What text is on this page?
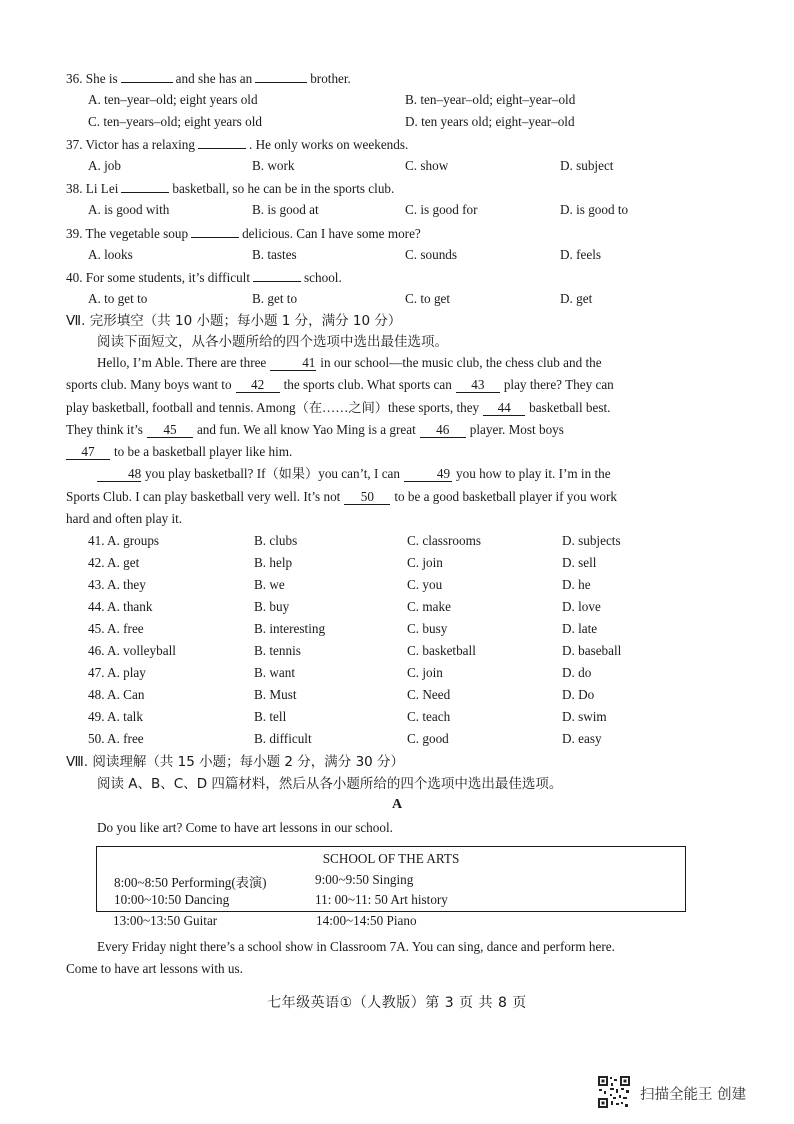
36. She is	and she has an	brother.
A. ten–year–old; eight years old	B. ten–year–old; eight–year–old
C. ten–years–old; eight years old	D. ten years old; eight–year–old
37. Victor has a relaxing	. He only works on weekends.
A. job	B. work	C. show	D. subject
38. Li Lei	basketball, so he can be in the sports club.
A. is good with	B. is good at	C. is good for	D. is good to
39. The vegetable soup	delicious. Can I have some more?
A. looks	B. tastes	C. sounds	D. feels
40. For some students, it’s difficult	school.
A. to get to	B. get to	C. to get	D. get
Ⅶ. 完形填空（共 10 小题；每小题 1 分，满分 10 分）
阅读下面短文，从各小题所给的四个选项中选出最佳选项。

Hello, I’m Able. There are three	41 in our school—the music club, the chess club and the

sports club. Many boys want to 42 the sports club. What sports can 43 play there? They can

play basketball, football and tennis. Among（在……之间）these sports, they 44 basketball best.

They think it’s 45 and fun. We all know Yao Ming is a great 46 player. Most boys

47 to be a basketball player like him.

48 you play basketball? If（如果）you can’t, I can	49 you how to play it. I’m in the

Sports Club. I can play basketball very well. It’s not 50 to be a good basketball player if you work

hard and often play it.

41. A. groups	B. clubs	C. classrooms	D. subjects
42. A. get	B. help	C. join	D. sell
43. A. they	B. we	C. you	D. he
44. A. thank	B. buy	C. make	D. love
45. A. free	B. interesting	C. busy	D. late
46. A. volleyball	B. tennis	C. basketball	D. baseball
47. A. play	B. want	C. join	D. do
48. A. Can	B. Must	C. Need	D. Do
49. A. talk	B. tell	C. teach	D. swim
50. A. free	B. difficult	C. good	D. easy
Ⅷ. 阅读理解（共 15 小题；每小题 2 分，满分 30 分）
阅读 A、B、C、D 四篇材料，然后从各小题所给的四个选项中选出最佳选项。
A
Do you like art? Come to have art lessons in our school.
SCHOOL OF THE ARTS
8:00~8:50 Performing(表演)	9:00~9:50 Singing
10:00~10:50 Dancing	11: 00~11: 50 Art history
13:00~13:50 Guitar	14:00~14:50 Piano
Every Friday night there’s a school show in Classroom 7A. You can sing, dance and perform here.
Come to have art lessons with us.
七年级英语①（人教版）第 3 页 共 8 页
扫描全能王 创建
